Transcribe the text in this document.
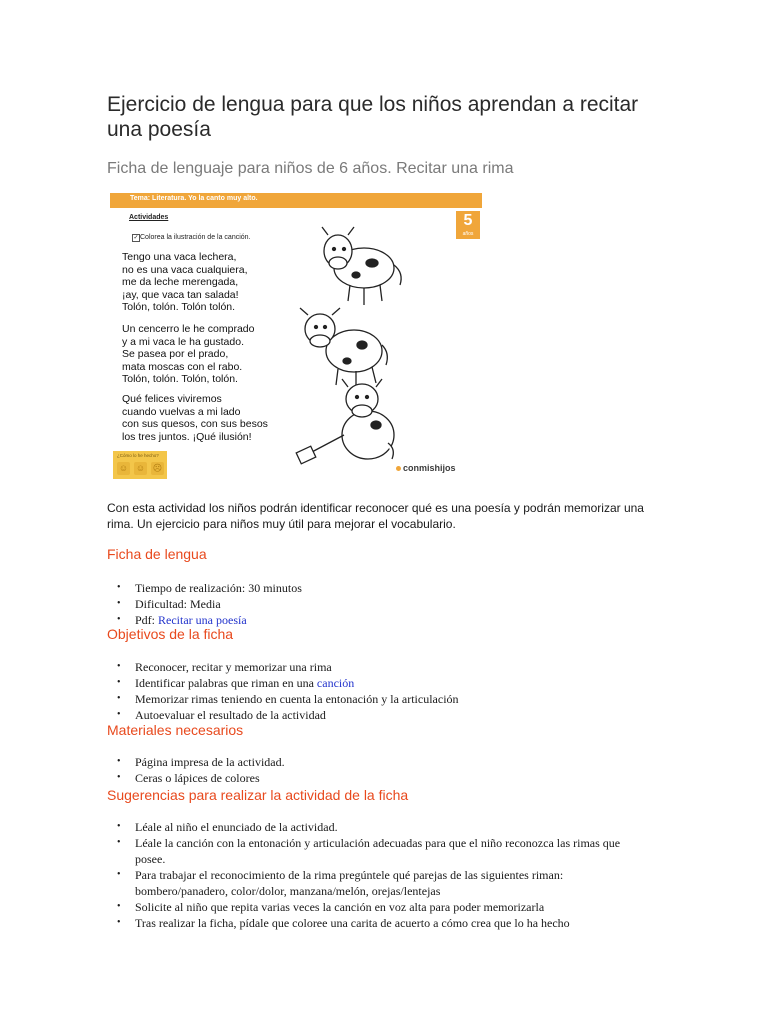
Ejercicio de lengua para que los niños aprendan a recitar una poesía
Ficha de lenguaje para niños de 6 años. Recitar una rima
Tema: Literatura. Yo la canto muy alto.
Actividades
✓ Colorea la ilustración de la canción.
5
años
Tengo una vaca lechera,
no es una vaca cualquiera,
me da leche merengada,
¡ay, que vaca tan salada!
Tolón, tolón. Tolón tolón.
Un cencerro le he comprado
y a mi vaca le ha gustado.
Se pasea por el prado,
mata moscas con el rabo.
Tolón, tolón. Tolón, tolón.
Qué felices viviremos
cuando vuelvas a mi lado
con sus quesos, con sus besos
los tres juntos. ¡Qué ilusión!
¿Cómo lo he hecho?
☺ ☺ ☹	conmishijos
Con esta actividad los niños podrán identificar reconocer qué es una poesía y podrán memorizar una rima. Un ejercicio para niños muy útil para mejorar el vocabulario.
Ficha de lengua
• Tiempo de realización: 30 minutos
• Dificultad: Media
• Pdf: Recitar una poesía
Objetivos de la ficha
• Reconocer, recitar y memorizar una rima
• Identificar palabras que riman en una canción
• Memorizar rimas teniendo en cuenta la entonación y la articulación
• Autoevaluar el resultado de la actividad
Materiales necesarios
• Página impresa de la actividad.
• Ceras o lápices de colores
Sugerencias para realizar la actividad de la ficha
• Léale al niño el enunciado de la actividad.
• Léale la canción con la entonación y articulación adecuadas para que el niño reconozca las rimas que posee.
• Para trabajar el reconocimiento de la rima pregúntele qué parejas de las siguientes riman: bombero/panadero, color/dolor, manzana/melón, orejas/lentejas
• Solicite al niño que repita varias veces la canción en voz alta para poder memorizarla
• Tras realizar la ficha, pídale que coloree una carita de acuerto a cómo crea que lo ha hecho
